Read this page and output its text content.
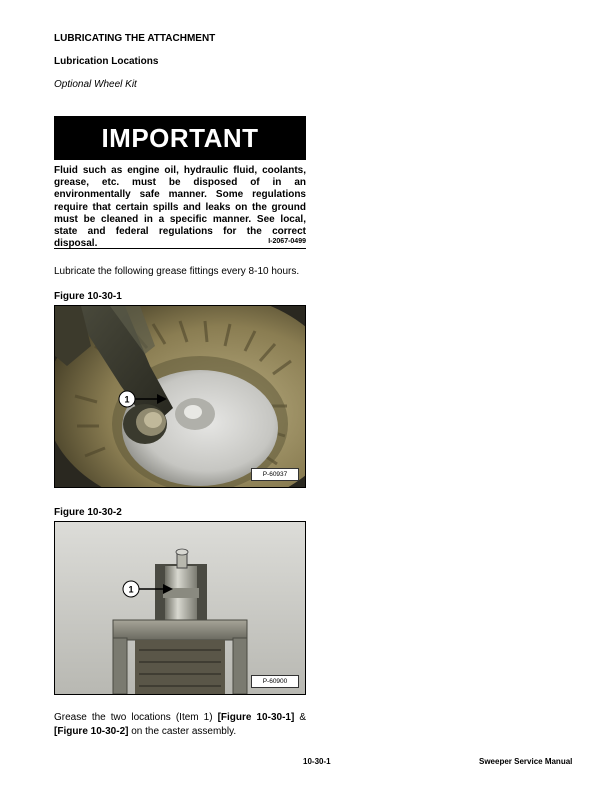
LUBRICATING THE ATTACHMENT
Lubrication Locations
Optional Wheel Kit
IMPORTANT
Fluid such as engine oil, hydraulic fluid, coolants, grease, etc. must be disposed of in an environmentally safe manner. Some regulations require that certain spills and leaks on the ground must be cleaned in a specific manner. See local, state and federal regulations for the correct disposal.	I-2067-0499
Lubricate the following grease fittings every 8-10 hours.
Figure 10-30-1
1
P-60937
Figure 10-30-2
1
P-60900
Grease the two locations (Item 1) [Figure 10-30-1] & [Figure 10-30-2] on the caster assembly.
10-30-1	Sweeper Service Manual
